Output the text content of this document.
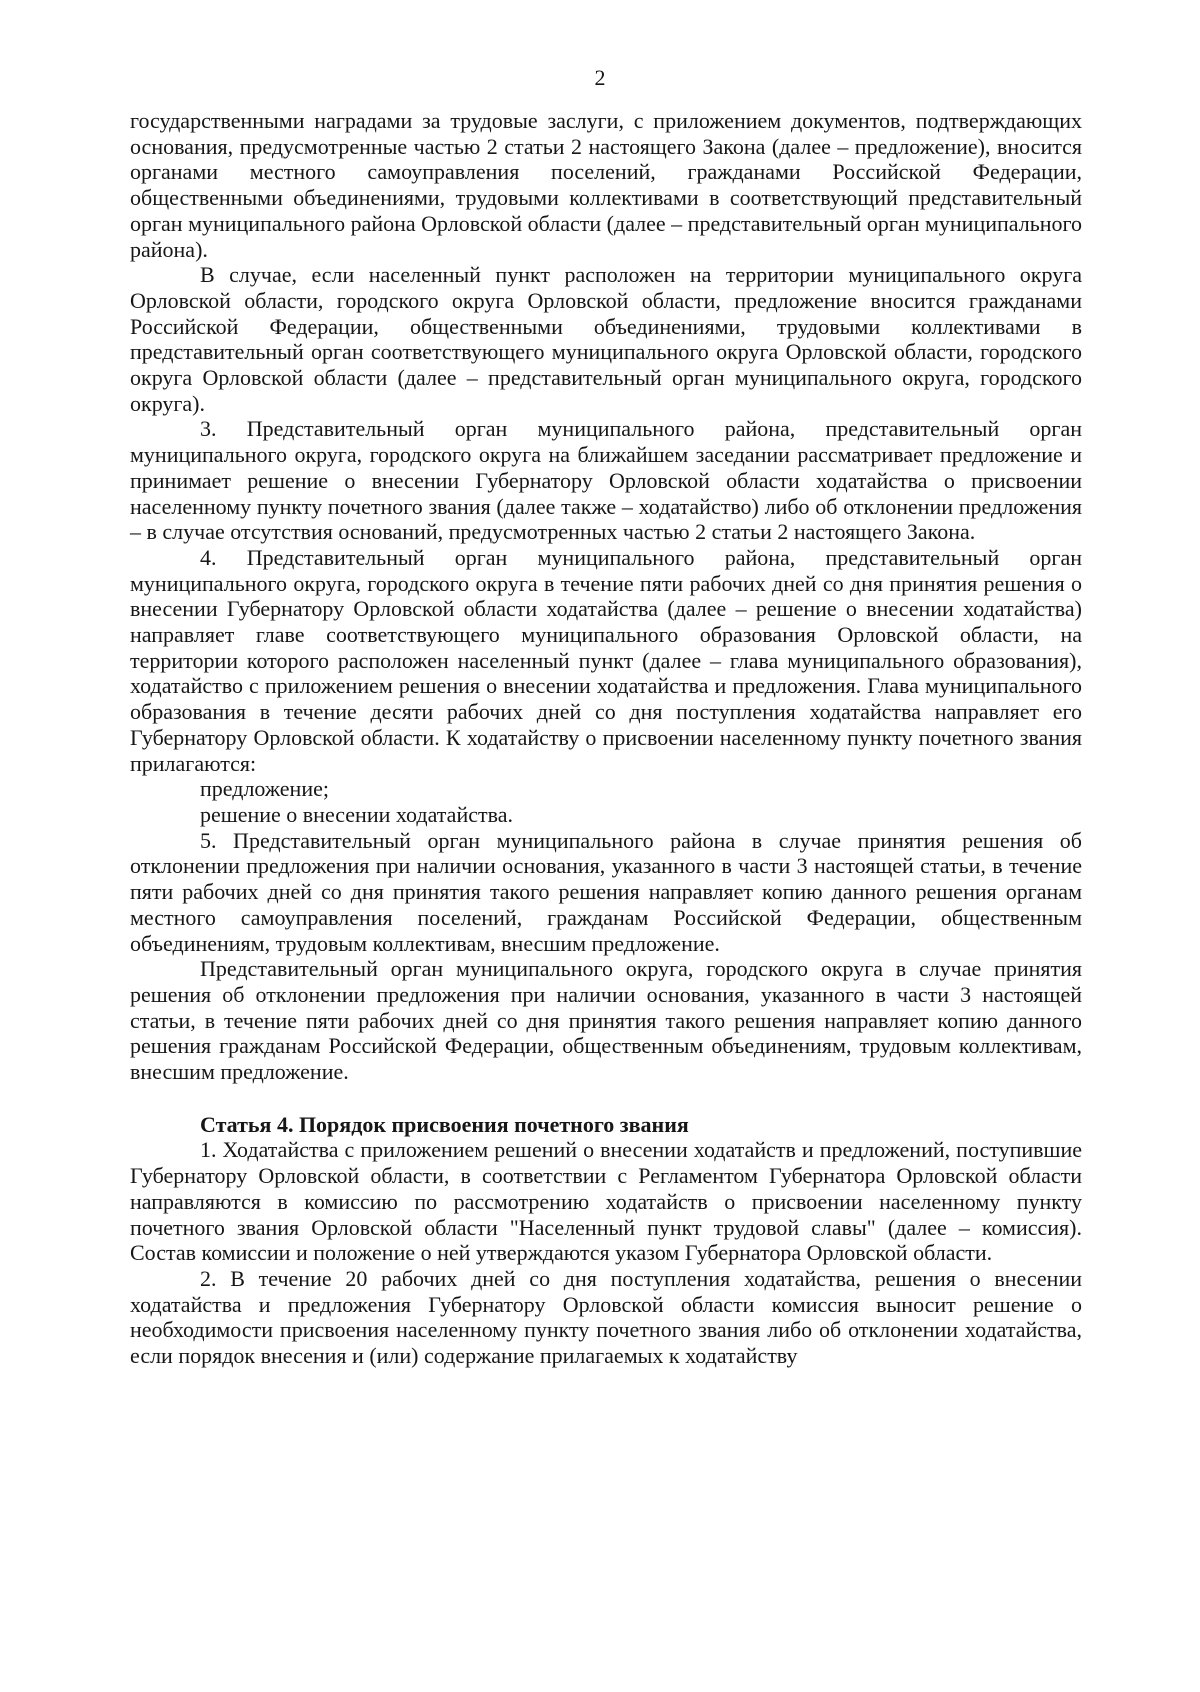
2

государственными наградами за трудовые заслуги, с приложением документов, подтверждающих основания, предусмотренные частью 2 статьи 2 настоящего Закона (далее – предложение), вносится органами местного самоуправления поселений, гражданами Российской Федерации, общественными объединениями, трудовыми коллективами в соответствующий представительный орган муниципального района Орловской области (далее – представительный орган муниципального района).

В случае, если населенный пункт расположен на территории муниципального округа Орловской области, городского округа Орловской области, предложение вносится гражданами Российской Федерации, общественными объединениями, трудовыми коллективами в представительный орган соответствующего муниципального округа Орловской области, городского округа Орловской области (далее – представительный орган муниципального округа, городского округа).

3. Представительный орган муниципального района, представительный орган муниципального округа, городского округа на ближайшем заседании рассматривает предложение и принимает решение о внесении Губернатору Орловской области ходатайства о присвоении населенному пункту почетного звания (далее также – ходатайство) либо об отклонении предложения – в случае отсутствия оснований, предусмотренных частью 2 статьи 2 настоящего Закона.

4. Представительный орган муниципального района, представительный орган муниципального округа, городского округа в течение пяти рабочих дней со дня принятия решения о внесении Губернатору Орловской области ходатайства (далее – решение о внесении ходатайства) направляет главе соответствующего муниципального образования Орловской области, на территории которого расположен населенный пункт (далее – глава муниципального образования), ходатайство с приложением решения о внесении ходатайства и предложения. Глава муниципального образования в течение десяти рабочих дней со дня поступления ходатайства направляет его Губернатору Орловской области. К ходатайству о присвоении населенному пункту почетного звания прилагаются:

предложение;

решение о внесении ходатайства.

5. Представительный орган муниципального района в случае принятия решения об отклонении предложения при наличии основания, указанного в части 3 настоящей статьи, в течение пяти рабочих дней со дня принятия такого решения направляет копию данного решения органам местного самоуправления поселений, гражданам Российской Федерации, общественным объединениям, трудовым коллективам, внесшим предложение.

Представительный орган муниципального округа, городского округа в случае принятия решения об отклонении предложения при наличии основания, указанного в части 3 настоящей статьи, в течение пяти рабочих дней со дня принятия такого решения направляет копию данного решения гражданам Российской Федерации, общественным объединениям, трудовым коллективам, внесшим предложение.

Статья 4. Порядок присвоения почетного звания

1. Ходатайства с приложением решений о внесении ходатайств и предложений, поступившие Губернатору Орловской области, в соответствии с Регламентом Губернатора Орловской области направляются в комиссию по рассмотрению ходатайств о присвоении населенному пункту почетного звания Орловской области "Населенный пункт трудовой славы" (далее – комиссия). Состав комиссии и положение о ней утверждаются указом Губернатора Орловской области.

2. В течение 20 рабочих дней со дня поступления ходатайства, решения о внесении ходатайства и предложения Губернатору Орловской области комиссия выносит решение о необходимости присвоения населенному пункту почетного звания либо об отклонении ходатайства, если порядок внесения и (или) содержание прилагаемых к ходатайству
